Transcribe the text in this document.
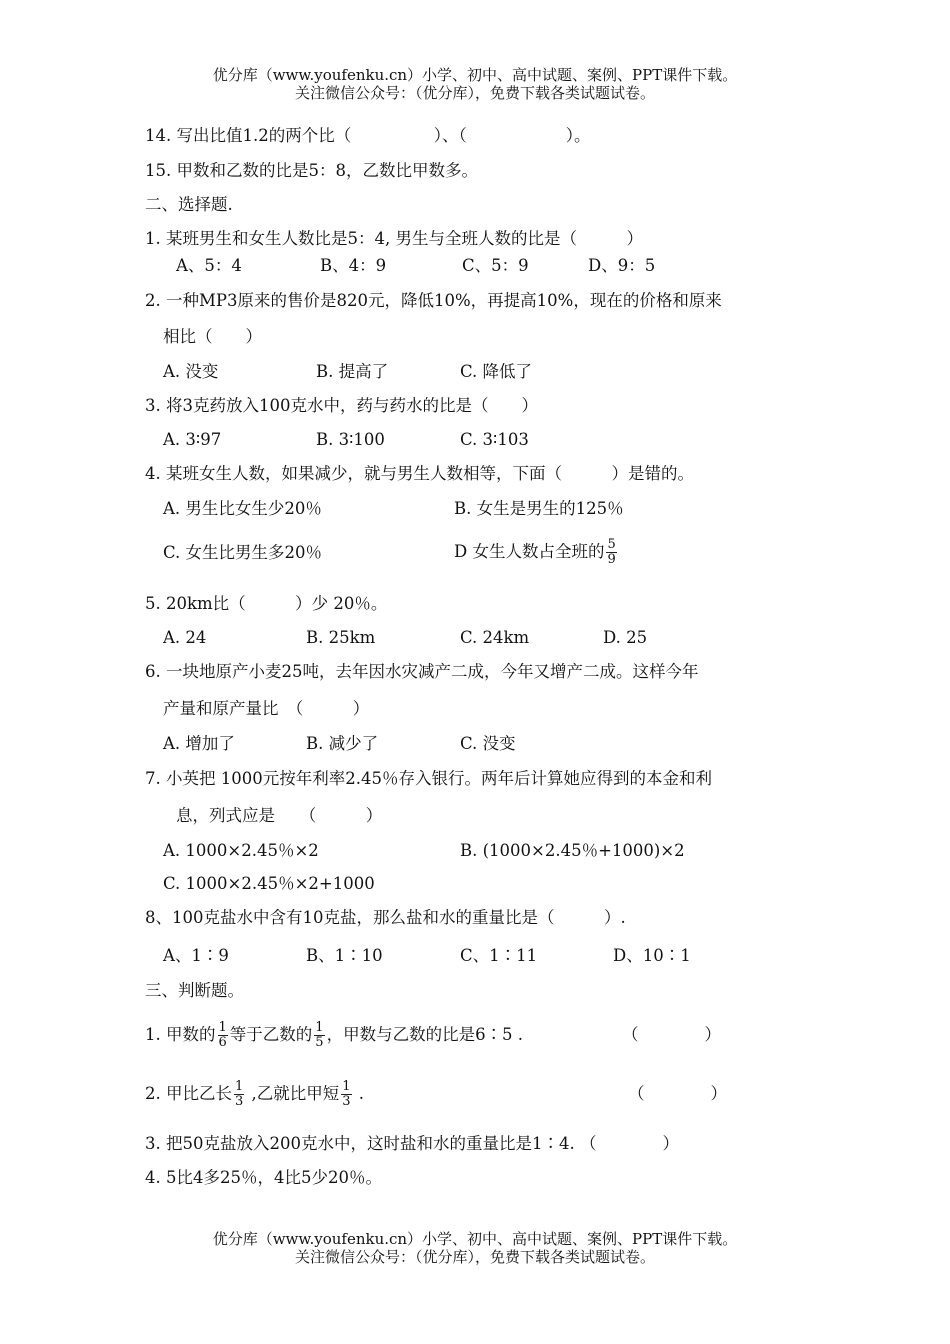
优分库（www.youfenku.cn）小学、初中、高中试题、案例、PPT课件下载。
关注微信公众号：（优分库），免费下载各类试题试卷。
14. 写出比值1.2的两个比（　　　　　）、（　　　　　　）。
15. 甲数和乙数的比是5：8，乙数比甲数多。
二、选择题.
1. 某班男生和女生人数比是5：4, 男生与全班人数的比是（　　　）
A、5：4	B、4：9	C、5：9	D、9：5
2. 一种MP3原来的售价是820元，降低10%，再提高10%，现在的价格和原来
相比（　　）
A. 没变	B. 提高了	C. 降低了
3. 将3克药放入100克水中，药与药水的比是（　　）
A. 3∶97	B. 3∶100	C. 3∶103
4. 某班女生人数，如果减少，就与男生人数相等，下面（　　　）是错的。
A. 男生比女生少20％	B. 女生是男生的125％
C. 女生比男生多20％	D 女生人数占全班的 $\frac{5}{9}$
5. 20km比（　　　）少 20％。
A. 24	B. 25km	C. 24km	D. 25
6. 一块地原产小麦25吨，去年因水灾减产二成，今年又增产二成。这样今年
产量和原产量比　（　　　）
A. 增加了	B. 减少了	C. 没变
7. 小英把 1000元按年利率2.45％存入银行。两年后计算她应得到的本金和利
息，列式应是　　（　　　）
A. 1000×2.45％×2	B. (1000×2.45％+1000)×2
C. 1000×2.45％×2+1000
8、100克盐水中含有10克盐，那么盐和水的重量比是（　　　）.
A、1∶9	B、1∶10	C、1∶11	D、10∶1
三、判断题。
1. 甲数的 $\frac{1}{6}$ 等于乙数的 $\frac{1}{5}$ ，甲数与乙数的比是6∶5 .	（　　　　）
2. 甲比乙长 $\frac{1}{3}$ ,乙就比甲短 $\frac{1}{3}$ .	（　　　　）
3. 把50克盐放入200克水中，这时盐和水的重量比是1∶4. （　　　　）
4. 5比4多25％，4比5少20％。
优分库（www.youfenku.cn）小学、初中、高中试题、案例、PPT课件下载。
关注微信公众号：（优分库），免费下载各类试题试卷。
